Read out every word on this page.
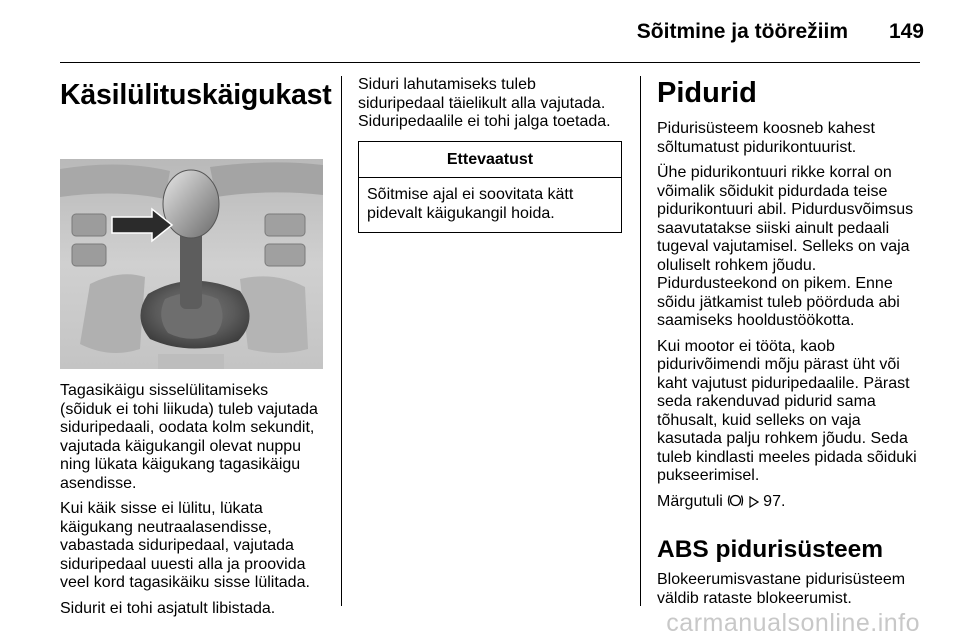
Sõitmine ja töörežiim	149
Käsilülituskäigukast
Tagasikäigu sisselülitamiseks
(sõiduk ei tohi liikuda) tuleb vajutada
siduripedaali, oodata kolm sekundit,
vajutada käigukangil olevat nuppu
ning lükata käigukang tagasikäigu
asendisse.
Kui käik sisse ei lülitu, lükata
käigukang neutraalasendisse,
vabastada siduripedaal, vajutada
siduripedaal uuesti alla ja proovida
veel kord tagasikäiku sisse lülitada.
Sidurit ei tohi asjatult libistada.
Siduri lahutamiseks tuleb
siduripedaal täielikult alla vajutada.
Siduripedaalile ei tohi jalga toetada.
Ettevaatust
Sõitmise ajal ei soovitata kätt
pidevalt käigukangil hoida.
Pidurid
Pidurisüsteem koosneb kahest
sõltumatust pidurikontuurist.
Ühe pidurikontuuri rikke korral on
võimalik sõidukit pidurdada teise
pidurikontuuri abil. Pidurdusvõimsus
saavutatakse siiski ainult pedaali
tugeval vajutamisel. Selleks on vaja
oluliselt rohkem jõudu.
Pidurdusteekond on pikem. Enne
sõidu jätkamist tuleb pöörduda abi
saamiseks hooldustöökotta.
Kui mootor ei tööta, kaob
pidurivõimendi mõju pärast üht või
kaht vajutust piduripedaalile. Pärast
seda rakenduvad pidurid sama
tõhusalt, kuid selleks on vaja
kasutada palju rohkem jõudu. Seda
tuleb kindlasti meeles pidada sõiduki
pukseerimisel.
Märgutuli	97.
ABS pidurisüsteem
Blokeerumisvastane pidurisüsteem
väldib rataste blokeerumist.
carmanualsonline.info
